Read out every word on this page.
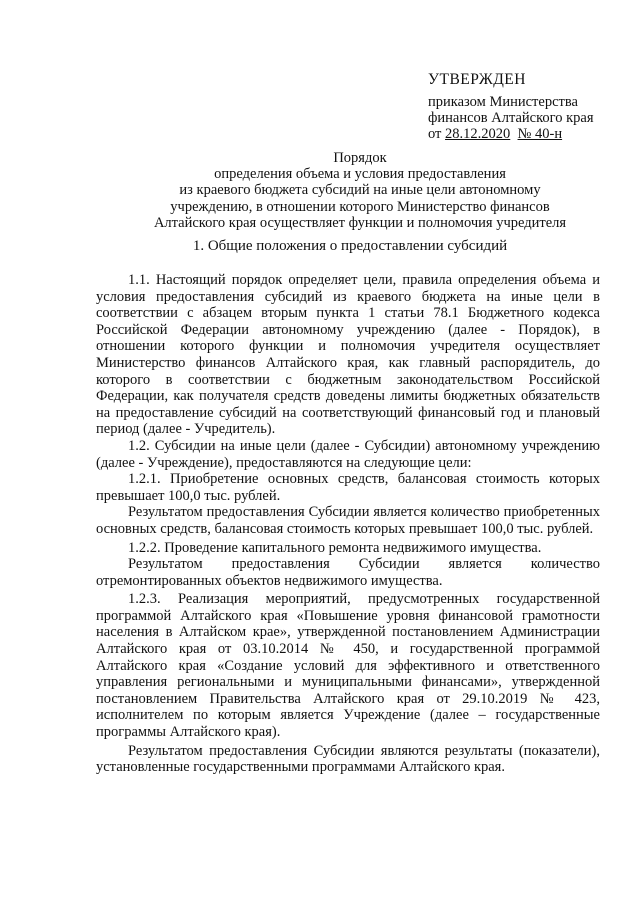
УТВЕРЖДЕН
приказом Министерства
финансов Алтайского края
от 28.12.2020 № 40-н
Порядок
определения объема и условия предоставления
из краевого бюджета субсидий на иные цели автономному
учреждению, в отношении которого Министерство финансов
Алтайского края осуществляет функции и полномочия учредителя
1. Общие положения о предоставлении субсидий

1.1. Настоящий порядок определяет цели, правила определения объема и условия предоставления субсидий из краевого бюджета на иные цели в соответствии с абзацем вторым пункта 1 статьи 78.1 Бюджетного кодекса Российской Федерации автономному учреждению (далее - Порядок), в отношении которого функции и полномочия учредителя осуществляет Министерство финансов Алтайского края, как главный распорядитель, до которого в соответствии с бюджетным законодательством Российской Федерации, как получателя средств доведены лимиты бюджетных обязательств на предоставление субсидий на соответствующий финансовый год и плановый период (далее - Учредитель).

1.2. Субсидии на иные цели (далее - Субсидии) автономному учреждению (далее - Учреждение), предоставляются на следующие цели:

1.2.1. Приобретение основных средств, балансовая стоимость которых превышает 100,0 тыс. рублей.

Результатом предоставления Субсидии является количество приобретенных основных средств, балансовая стоимость которых превышает 100,0 тыс. рублей.

1.2.2. Проведение капитального ремонта недвижимого имущества.

Результатом предоставления Субсидии является количество отремонтированных объектов недвижимого имущества.

1.2.3. Реализация мероприятий, предусмотренных государственной программой Алтайского края «Повышение уровня финансовой грамотности населения в Алтайском крае», утвержденной постановлением Администрации Алтайского края от 03.10.2014 № 450, и государственной программой Алтайского края «Создание условий для эффективного и ответственного управления региональными и муниципальными финансами», утвержденной постановлением Правительства Алтайского края от 29.10.2019 № 423, исполнителем по которым является Учреждение (далее – государственные программы Алтайского края).

Результатом предоставления Субсидии являются результаты (показатели), установленные государственными программами Алтайского края.
